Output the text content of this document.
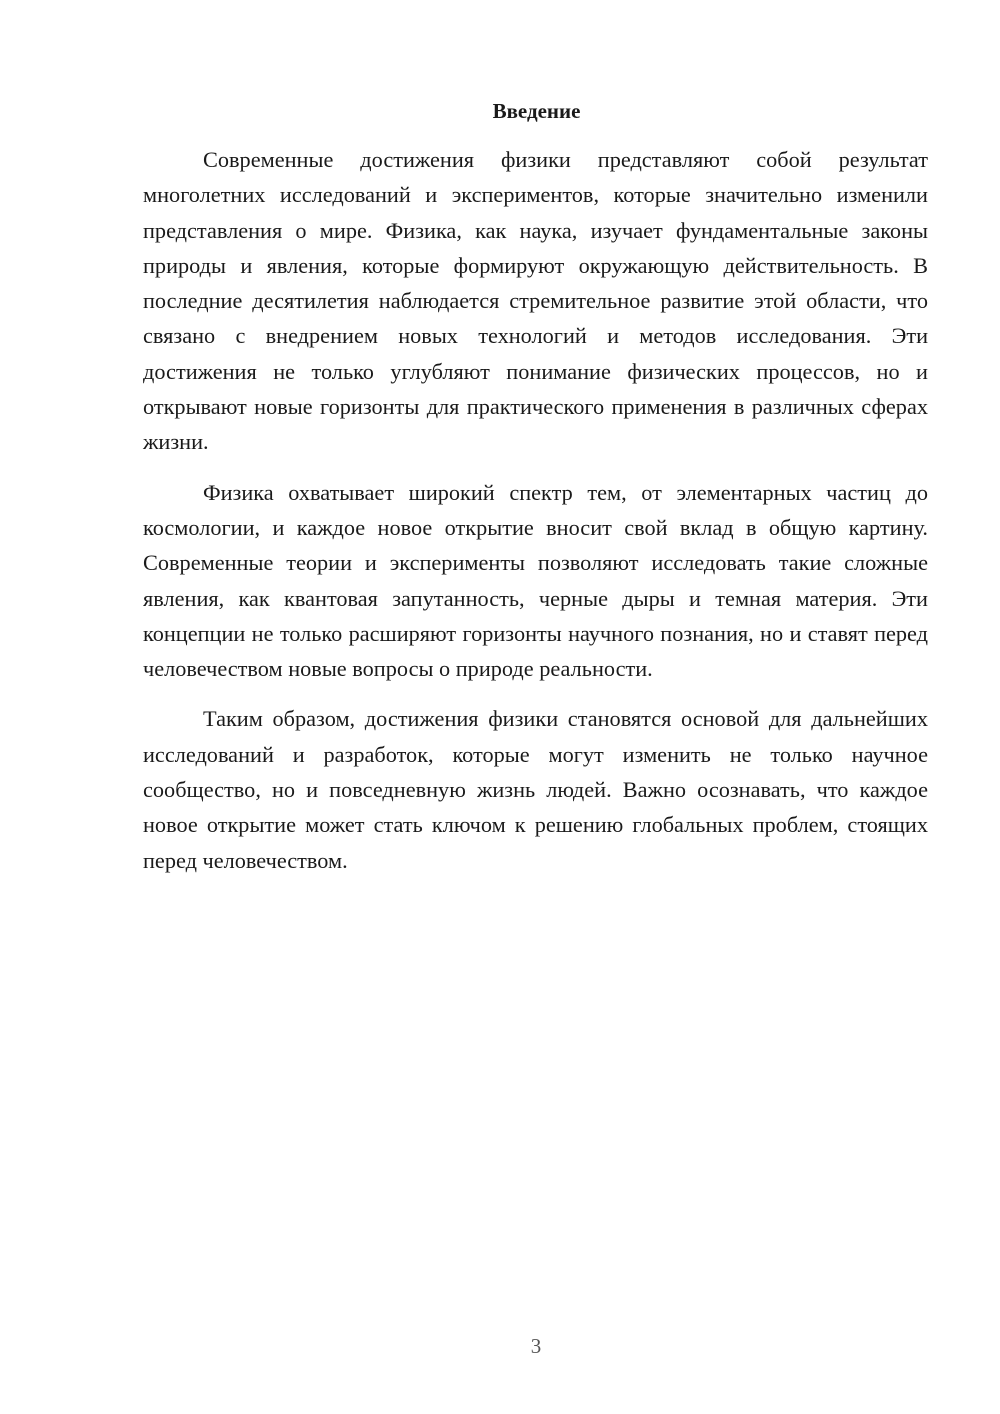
Введение

Современные достижения физики представляют собой результат многолетних исследований и экспериментов, которые значительно изменили представления о мире. Физика, как наука, изучает фундаментальные законы природы и явления, которые формируют окружающую действительность. В последние десятилетия наблюдается стремительное развитие этой области, что связано с внедрением новых технологий и методов исследования. Эти достижения не только углубляют понимание физических процессов, но и открывают новые горизонты для практического применения в различных сферах жизни.

Физика охватывает широкий спектр тем, от элементарных частиц до космологии, и каждое новое открытие вносит свой вклад в общую картину. Современные теории и эксперименты позволяют исследовать такие сложные явления, как квантовая запутанность, черные дыры и темная материя. Эти концепции не только расширяют горизонты научного познания, но и ставят перед человечеством новые вопросы о природе реальности.

Таким образом, достижения физики становятся основой для дальнейших исследований и разработок, которые могут изменить не только научное сообщество, но и повседневную жизнь людей. Важно осознавать, что каждое новое открытие может стать ключом к решению глобальных проблем, стоящих перед человечеством.

3
